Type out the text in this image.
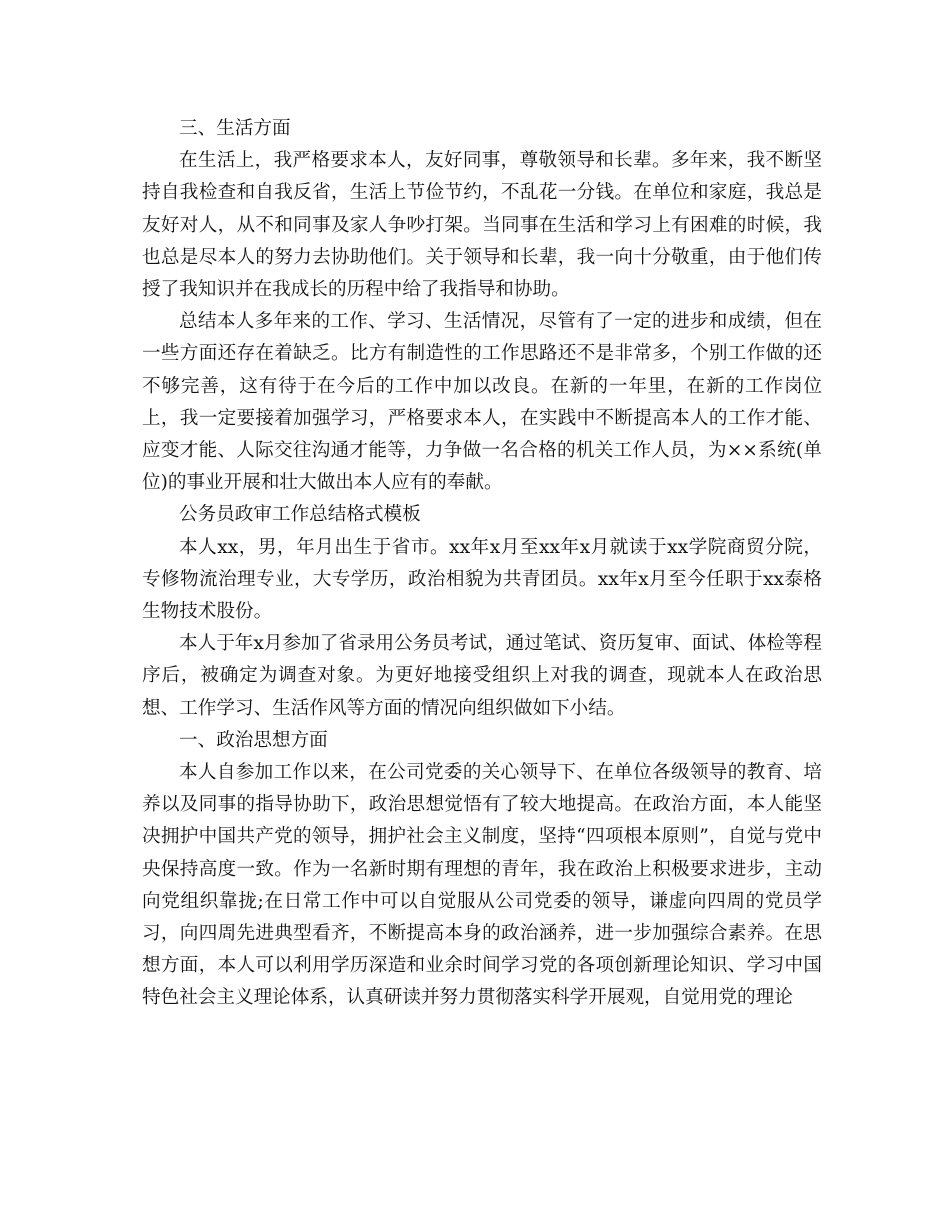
三、生活方面

在生活上，我严格要求本人，友好同事，尊敬领导和长辈。多年来，我不断坚持自我检查和自我反省，生活上节俭节约，不乱花一分钱。在单位和家庭，我总是友好对人，从不和同事及家人争吵打架。当同事在生活和学习上有困难的时候，我也总是尽本人的努力去协助他们。关于领导和长辈，我一向十分敬重，由于他们传授了我知识并在我成长的历程中给了我指导和协助。

总结本人多年来的工作、学习、生活情况，尽管有了一定的进步和成绩，但在一些方面还存在着缺乏。比方有制造性的工作思路还不是非常多，个别工作做的还不够完善，这有待于在今后的工作中加以改良。在新的一年里，在新的工作岗位上，我一定要接着加强学习，严格要求本人，在实践中不断提高本人的工作才能、应变才能、人际交往沟通才能等，力争做一名合格的机关工作人员，为××系统(单位)的事业开展和壮大做出本人应有的奉献。

公务员政审工作总结格式模板

本人xx，男，年月出生于省市。xx年x月至xx年x月就读于xx学院商贸分院，专修物流治理专业，大专学历，政治相貌为共青团员。xx年x月至今任职于xx泰格生物技术股份。

本人于年x月参加了省录用公务员考试，通过笔试、资历复审、面试、体检等程序后，被确定为调查对象。为更好地接受组织上对我的调查，现就本人在政治思想、工作学习、生活作风等方面的情况向组织做如下小结。

一、政治思想方面

本人自参加工作以来，在公司党委的关心领导下、在单位各级领导的教育、培养以及同事的指导协助下，政治思想觉悟有了较大地提高。在政治方面，本人能坚决拥护中国共产党的领导，拥护社会主义制度，坚持“四项根本原则”，自觉与党中央保持高度一致。作为一名新时期有理想的青年，我在政治上积极要求进步，主动向党组织靠拢;在日常工作中可以自觉服从公司党委的领导，谦虚向四周的党员学习，向四周先进典型看齐，不断提高本身的政治涵养，进一步加强综合素养。在思想方面，本人可以利用学历深造和业余时间学习党的各项创新理论知识、学习中国特色社会主义理论体系，认真研读并努力贯彻落实科学开展观，自觉用党的理论
